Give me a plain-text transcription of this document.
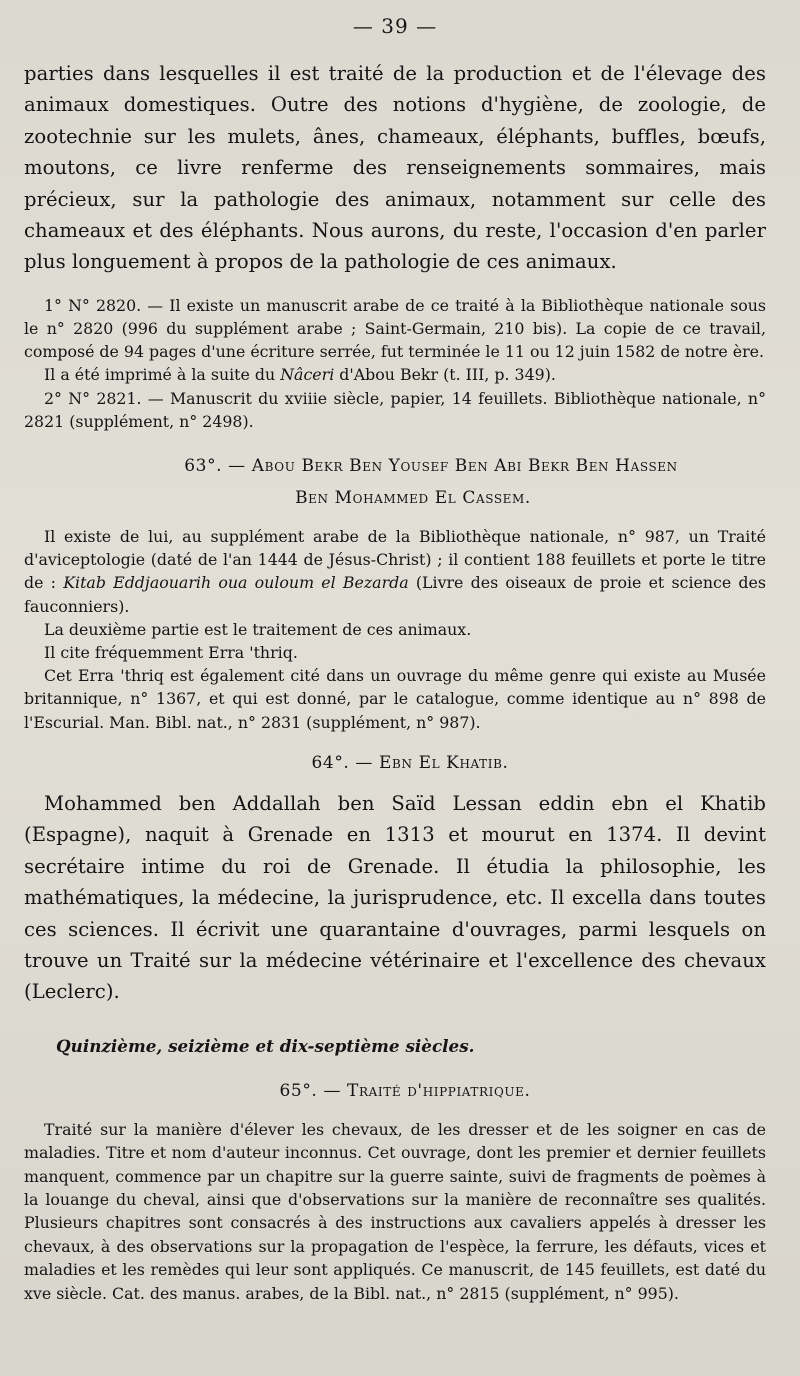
— 39 —

parties dans lesquelles il est traité de la production et de l'élevage des animaux domestiques. Outre des notions d'hygiène, de zoologie, de zootechnie sur les mulets, ânes, chameaux, éléphants, buffles, bœufs, moutons, ce livre renferme des renseignements sommaires, mais précieux, sur la pathologie des animaux, notamment sur celle des chameaux et des éléphants. Nous aurons, du reste, l'occasion d'en parler plus longuement à propos de la pathologie de ces animaux.

1° N° 2820. — Il existe un manuscrit arabe de ce traité à la Bibliothèque nationale sous le n° 2820 (996 du supplément arabe ; Saint-Germain, 210 bis). La copie de ce travail, composé de 94 pages d'une écriture serrée, fut terminée le 11 ou 12 juin 1582 de notre ère.

Il a été imprimé à la suite du Nâceri d'Abou Bekr (t. III, p. 349).

2° N° 2821. — Manuscrit du xviiie siècle, papier, 14 feuillets. Bibliothèque nationale, n° 2821 (supplément, n° 2498).

63°. — Abou Bekr Ben Yousef Ben Abi Bekr Ben Hassen
Ben Mohammed El Cassem.

Il existe de lui, au supplément arabe de la Bibliothèque nationale, n° 987, un Traité d'aviceptologie (daté de l'an 1444 de Jésus-Christ) ; il contient 188 feuillets et porte le titre de : Kitab Eddjaouarih oua ouloum el Bezarda (Livre des oiseaux de proie et science des fauconniers).

La deuxième partie est le traitement de ces animaux.

Il cite fréquemment Erra 'thriq.

Cet Erra 'thriq est également cité dans un ouvrage du même genre qui existe au Musée britannique, n° 1367, et qui est donné, par le catalogue, comme identique au n° 898 de l'Escurial. Man. Bibl. nat., n° 2831 (supplément, n° 987).

64°. — Ebn El Khatib.

Mohammed ben Addallah ben Saïd Lessan eddin ebn el Khatib (Espagne), naquit à Grenade en 1313 et mourut en 1374. Il devint secrétaire intime du roi de Grenade. Il étudia la philosophie, les mathématiques, la médecine, la jurisprudence, etc. Il excella dans toutes ces sciences. Il écrivit une quarantaine d'ouvrages, parmi lesquels on trouve un Traité sur la médecine vétérinaire et l'excellence des chevaux (Leclerc).

Quinzième, seizième et dix-septième siècles.
65°. — Traité d'hippiatrique.

Traité sur la manière d'élever les chevaux, de les dresser et de les soigner en cas de maladies. Titre et nom d'auteur inconnus. Cet ouvrage, dont les premier et dernier feuillets manquent, commence par un chapitre sur la guerre sainte, suivi de fragments de poèmes à la louange du cheval, ainsi que d'observations sur la manière de reconnaître ses qualités. Plusieurs chapitres sont consacrés à des instructions aux cavaliers appelés à dresser les chevaux, à des observations sur la propagation de l'espèce, la ferrure, les défauts, vices et maladies et les remèdes qui leur sont appliqués. Ce manuscrit, de 145 feuillets, est daté du xve siècle. Cat. des manus. arabes, de la Bibl. nat., n° 2815 (supplément, n° 995).
